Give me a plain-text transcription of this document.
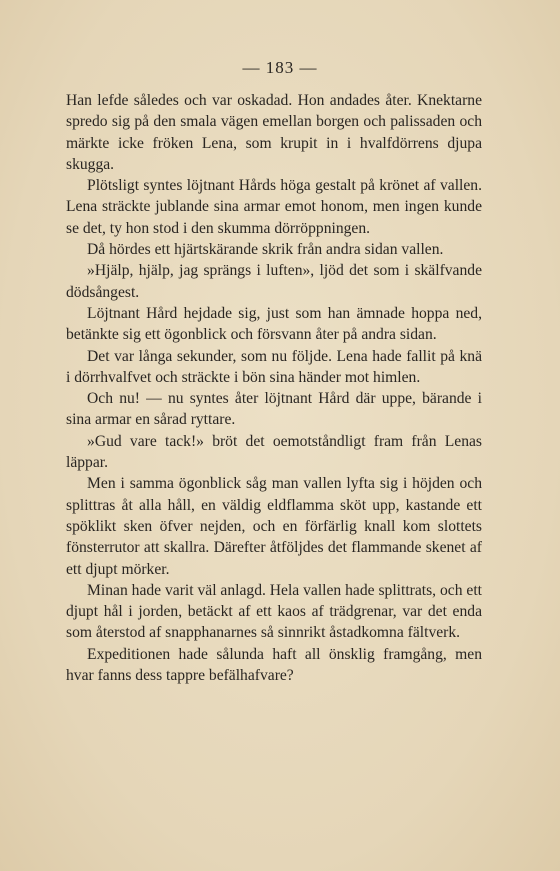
— 183 —

Han lefde således och var oskadad. Hon andades åter. Knektarne spredo sig på den smala vägen emellan borgen och palissaden och märkte icke fröken Lena, som krupit in i hvalfdörrens djupa skugga.

Plötsligt syntes löjtnant Hårds höga gestalt på krönet af vallen. Lena sträckte jublande sina armar emot honom, men ingen kunde se det, ty hon stod i den skumma dörröppningen.

Då hördes ett hjärtskärande skrik från andra sidan vallen.

»Hjälp, hjälp, jag sprängs i luften», ljöd det som i skälfvande dödsångest.

Löjtnant Hård hejdade sig, just som han ämnade hoppa ned, betänkte sig ett ögonblick och försvann åter på andra sidan.

Det var långa sekunder, som nu följde. Lena hade fallit på knä i dörrhvalfvet och sträckte i bön sina händer mot himlen.

Och nu! — nu syntes åter löjtnant Hård där uppe, bärande i sina armar en sårad ryttare.

»Gud vare tack!» bröt det oemotståndligt fram från Lenas läppar.

Men i samma ögonblick såg man vallen lyfta sig i höjden och splittras åt alla håll, en väldig eldflamma sköt upp, kastande ett spöklikt sken öfver nejden, och en förfärlig knall kom slottets fönsterrutor att skallra. Därefter åtföljdes det flammande skenet af ett djupt mörker.

Minan hade varit väl anlagd. Hela vallen hade splittrats, och ett djupt hål i jorden, betäckt af ett kaos af trädgrenar, var det enda som återstod af snapphanarnes så sinnrikt åstadkomna fältverk.

Expeditionen hade sålunda haft all önsklig framgång, men hvar fanns dess tappre befälhafvare?
